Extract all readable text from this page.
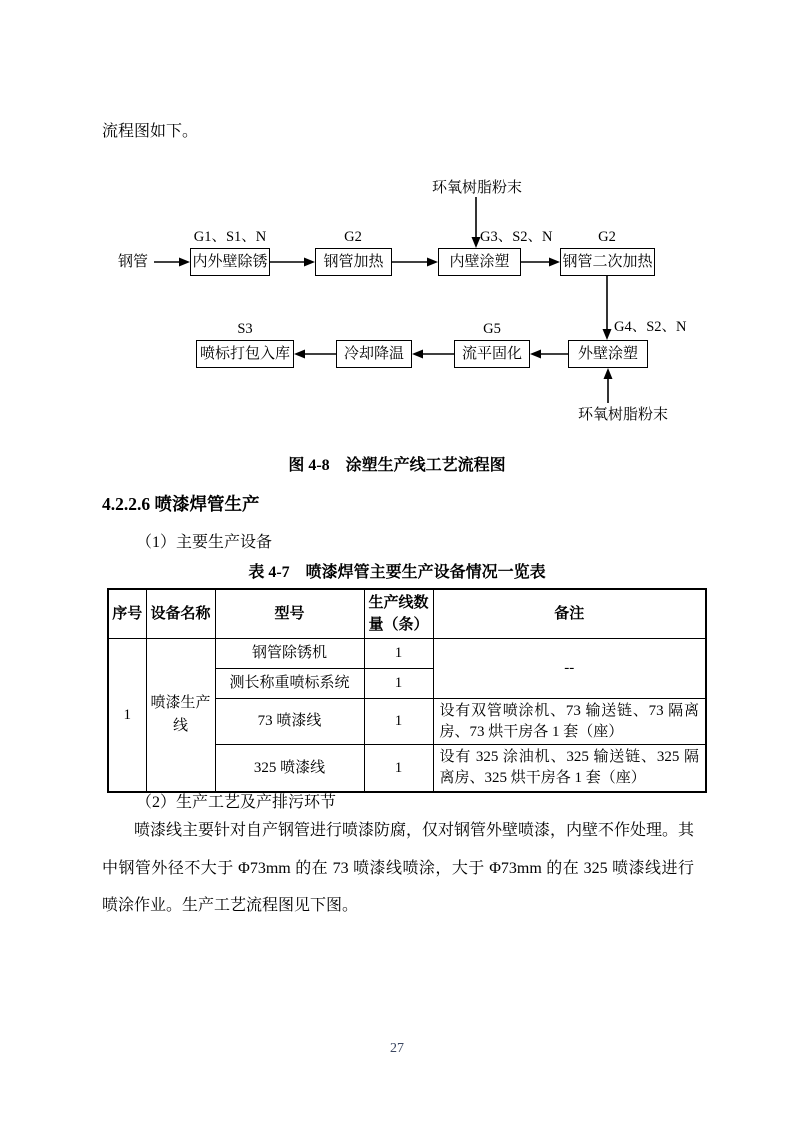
流程图如下。
环氧树脂粉末
钢管
G1、S1、N	G2	G3、S2、N	G2
内外壁除锈	钢管加热	内壁涂塑	钢管二次加热
G4、S2、N
S3	G5
喷标打包入库	冷却降温	流平固化	外壁涂塑
环氧树脂粉末
图 4-8　涂塑生产线工艺流程图
4.2.2.6 喷漆焊管生产
（1）主要生产设备
表 4-7　喷漆焊管主要生产设备情况一览表
序号	设备名称	型号	生产线数量（条）	备注
1	喷漆生产线	钢管除锈机	1	--
		测长称重喷标系统	1	
		73 喷漆线	1	设有双管喷涂机、73 输送链、73 隔离房、73 烘干房各 1 套（座）
		325 喷漆线	1	设有 325 涂油机、325 输送链、325 隔离房、325 烘干房各 1 套（座）
（2）生产工艺及产排污环节

喷漆线主要针对自产钢管进行喷漆防腐，仅对钢管外壁喷漆，内壁不作处理。其中钢管外径不大于 Φ73mm 的在 73 喷漆线喷涂，大于 Φ73mm 的在 325 喷漆线进行喷涂作业。生产工艺流程图见下图。

27
